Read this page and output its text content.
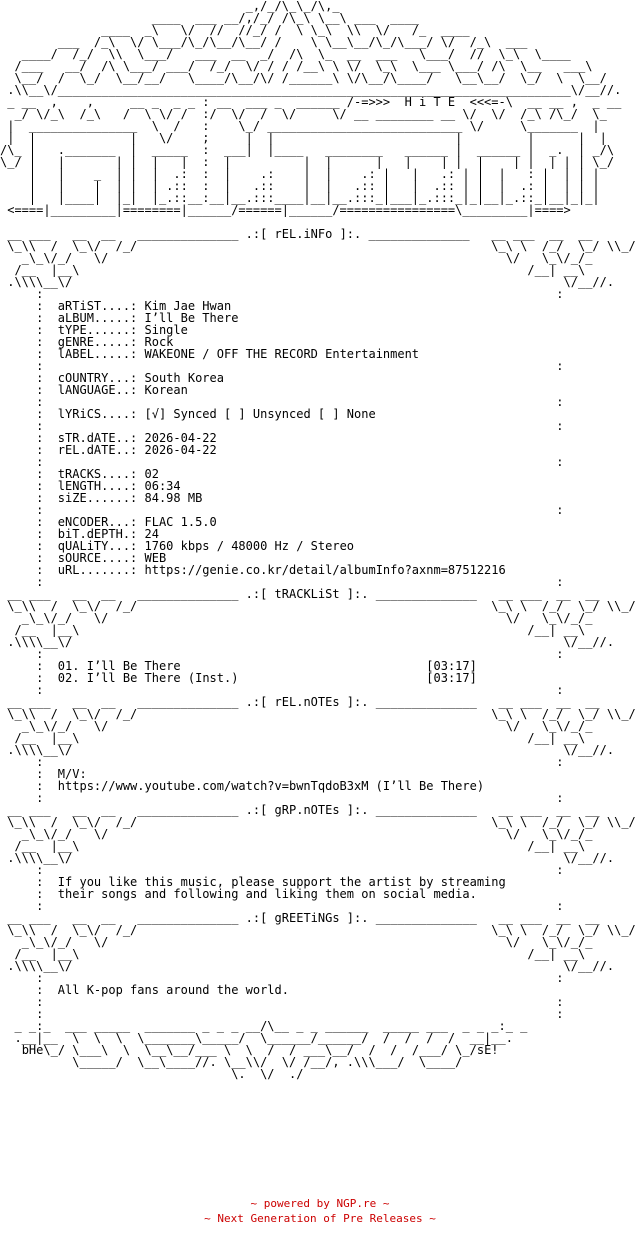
_,/_/\_\_/\,_
____  ___ __/,/_/ /\_\ \__\ ___  ____
____  _\   \/  //  //_/ /  \ \_\  \\  \/   /_  ____
___  /_\  \/ \___/\_/\__/\__/ /    \ \__\__/\_/\___/ \/  /_\  ___
____/  /_/  \\  \___/   ___  __  _/  /\  \_  __  ___   \___/  //  \_\  \____
/___   __/  /\ \___/ ___/  /_/  \/ / / /__\ \ \/  \_\  \___ \___/ /\  \__   ___\
\__/  /  \_/  \__/__/   \____/\__/\/ /______\ \/\__/\____/   \__\__/  \_/  \  \__/
.\\__\/_______________________________________________________________________\/__//.
_ __  ,    ,     __ _  _ _ : __  ___ _  ______ /-=>>>  H i T E  <<<=-\  __ __ ,  _ __
_/ \/_\  /_\   /  \ \/ /  :/  \/  /  \/     \/ __ ________ __ \/  \/  /_\ /\_/  \_
|  _______________  \  /   :    \_/ ___________________________ \/     \_______  |
|  |             |   \/    ;     |  |                         |         |      |  |
/\_ |   ._______  |  _____  :  ___|  |____   ________   ______ |  ______ |  _.  | _/\
\_/ |   |       | |  |   |  :  |          |  |      |   |    | |  |    | |  | | | \_/
|   |    _  | |  |  .:  :  |    .:    |  |    .: |   |   .: | |  |   : |  | | |
|   |    |  | |  | .::  :  |   .::    |  |   .:: |   |  .:: | |  |  .: |  | | |
|   |____|  |_|  |_.::__:__|__.:::____|__|__.:::_|___|_.:::_|_|__|_.::_|__|_|_|
<====|_________|========|______/======|______/================\_________|====>

__ ___   __  __   ______________ .:[ rEL.iNFo ]:. ______________   __ ___  __  __
\_\\  /  \_\/  /_/                                                 \_\ \  /_/  \_/ \\_/
_\_\/_/   \/                                                       \/   \_\/_/_
/__  |__\                                                              /__| __\
.\\\\__\/                                                                    \/__//.
:                                                                       :
:  aRTiST....: Kim Jae Hwan
:  aLBUM.....: I’ll Be There
:  tYPE......: Single
:  gENRE.....: Rock
:  lABEL.....: WAKEONE / OFF THE RECORD Entertainment
:                                                                       :
:  cOUNTRY...: South Korea
:  lANGUAGE..: Korean
:                                                                       :
:  lYRiCS....: [√] Synced [ ] Unsynced [ ] None
:                                                                       :
:  sTR.dATE..: 2026-04-22
:  rEL.dATE..: 2026-04-22
:                                                                       :
:  tRACKS....: 02
:  lENGTH....: 06:34
:  siZE......: 84.98 MB
:                                                                       :
:  eNCODER...: FLAC 1.5.0
:  biT.dEPTH.: 24
:  qUALiTY...: 1760 kbps / 48000 Hz / Stereo
:  sOURCE....: WEB
:  uRL.......: https://genie.co.kr/detail/albumInfo?axnm=87512216
:                                                                       :
__ ___   __  __   ______________ .:[ tRACKLiSt ]:. ______________   __ ___  __  __
\_\\  /  \_\/  /_/                                                 \_\ \  /_/  \_/ \\_/
_\_\/_/   \/                                                       \/   \_\/_/_
/__  |__\                                                              /__| __\
.\\\\__\/                                                                    \/__//.
:                                                                       :
:  01. I’ll Be There	[03:17]
:  02. I’ll Be There (Inst.)	[03:17]
:                                                                       :
__ ___   __  __   ______________ .:[ rEL.nOTEs ]:. ______________   __ ___  __  __
\_\\  /  \_\/  /_/                                                 \_\ \  /_/  \_/ \\_/
_\_\/_/   \/                                                       \/   \_\/_/_
/__  |__\                                                              /__| __\
.\\\\__\/                                                                    \/__//.
:                                                                       :
:  M/V:
:  https://www.youtube.com/watch?v=bwnTqdoB3xM (I’ll Be There)
:                                                                       :
__ ___   __  __   ______________ .:[ gRP.nOTEs ]:. ______________   __ ___  __  __
\_\\  /  \_\/  /_/                                                 \_\ \  /_/  \_/ \\_/
_\_\/_/   \/                                                       \/   \_\/_/_
/__  |__\                                                              /__| __\
.\\\\__\/                                                                    \/__//.
:                                                                       :
:  If you like this music, please support the artist by streaming
:  their songs and following and liking them on social media.
:                                                                       :
__ ___   __  __   ______________ .:[ gREETiNGs ]:. ______________   __ ___  __  __
\_\\  /  \_\/  /_/                                                 \_\ \  /_/  \_/ \\_/
_\_\/_/   \/                                                       \/   \_\/_/_
/__  |__\                                                              /__| __\
.\\\\__\/                                                                    \/__//.
:                                                                       :
:  All K-pop fans around the world.
:                                                                       :
:                                                                       :
_ _:_  ___ _____  _______ _ _ _ __/\__ _ _ ______  _____ ___  _ _ _:_ _
.__|__  \  \  \  \_______\_____/  \______/______/  /  /  /  /  __|__.
bHe\_/ \___\  \  \__\__/___ \  \  /  / ___\__/  /  /  /___/ \_/sE!
\_____/  \__\____//. \__\\/  \/ /__/, .\\\___/  \____/
\.  \/  ./
~ powered by NGP.re ~
~ Next Generation of Pre Releases ~
